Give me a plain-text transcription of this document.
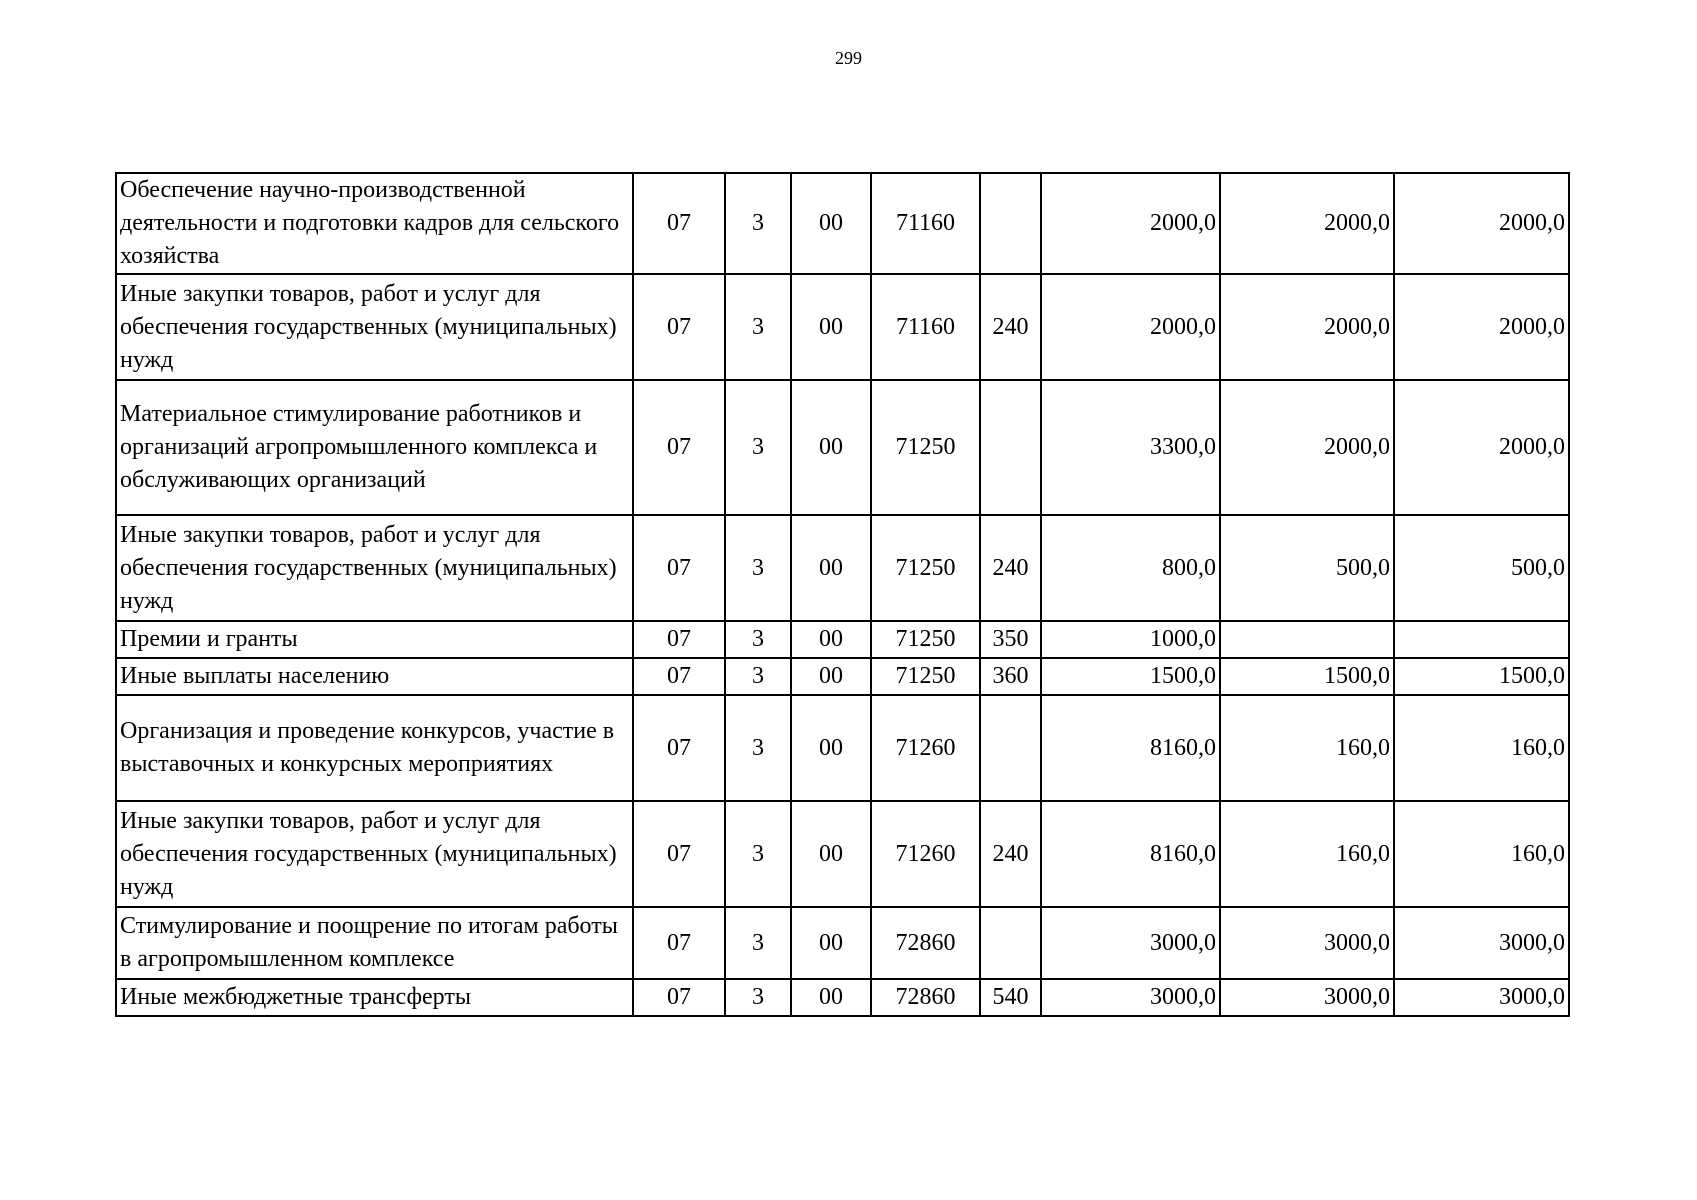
299
Обеспечение научно-производственной деятельности и подготовки кадров для сельского хозяйства	07	3	00	71160		2000,0	2000,0	2000,0
Иные закупки товаров, работ и услуг для обеспечения государственных (муниципальных) нужд	07	3	00	71160	240	2000,0	2000,0	2000,0
Материальное стимулирование работников и организаций агропромышленного комплекса и обслуживающих организаций	07	3	00	71250		3300,0	2000,0	2000,0
Иные закупки товаров, работ и услуг для обеспечения государственных (муниципальных) нужд	07	3	00	71250	240	800,0	500,0	500,0
Премии и гранты	07	3	00	71250	350	1000,0		
Иные выплаты населению	07	3	00	71250	360	1500,0	1500,0	1500,0
Организация и проведение конкурсов, участие в выставочных и конкурсных мероприятиях	07	3	00	71260		8160,0	160,0	160,0
Иные закупки товаров, работ и услуг для обеспечения государственных (муниципальных) нужд	07	3	00	71260	240	8160,0	160,0	160,0
Стимулирование и поощрение по итогам работы в агропромышленном комплексе	07	3	00	72860		3000,0	3000,0	3000,0
Иные межбюджетные трансферты	07	3	00	72860	540	3000,0	3000,0	3000,0
